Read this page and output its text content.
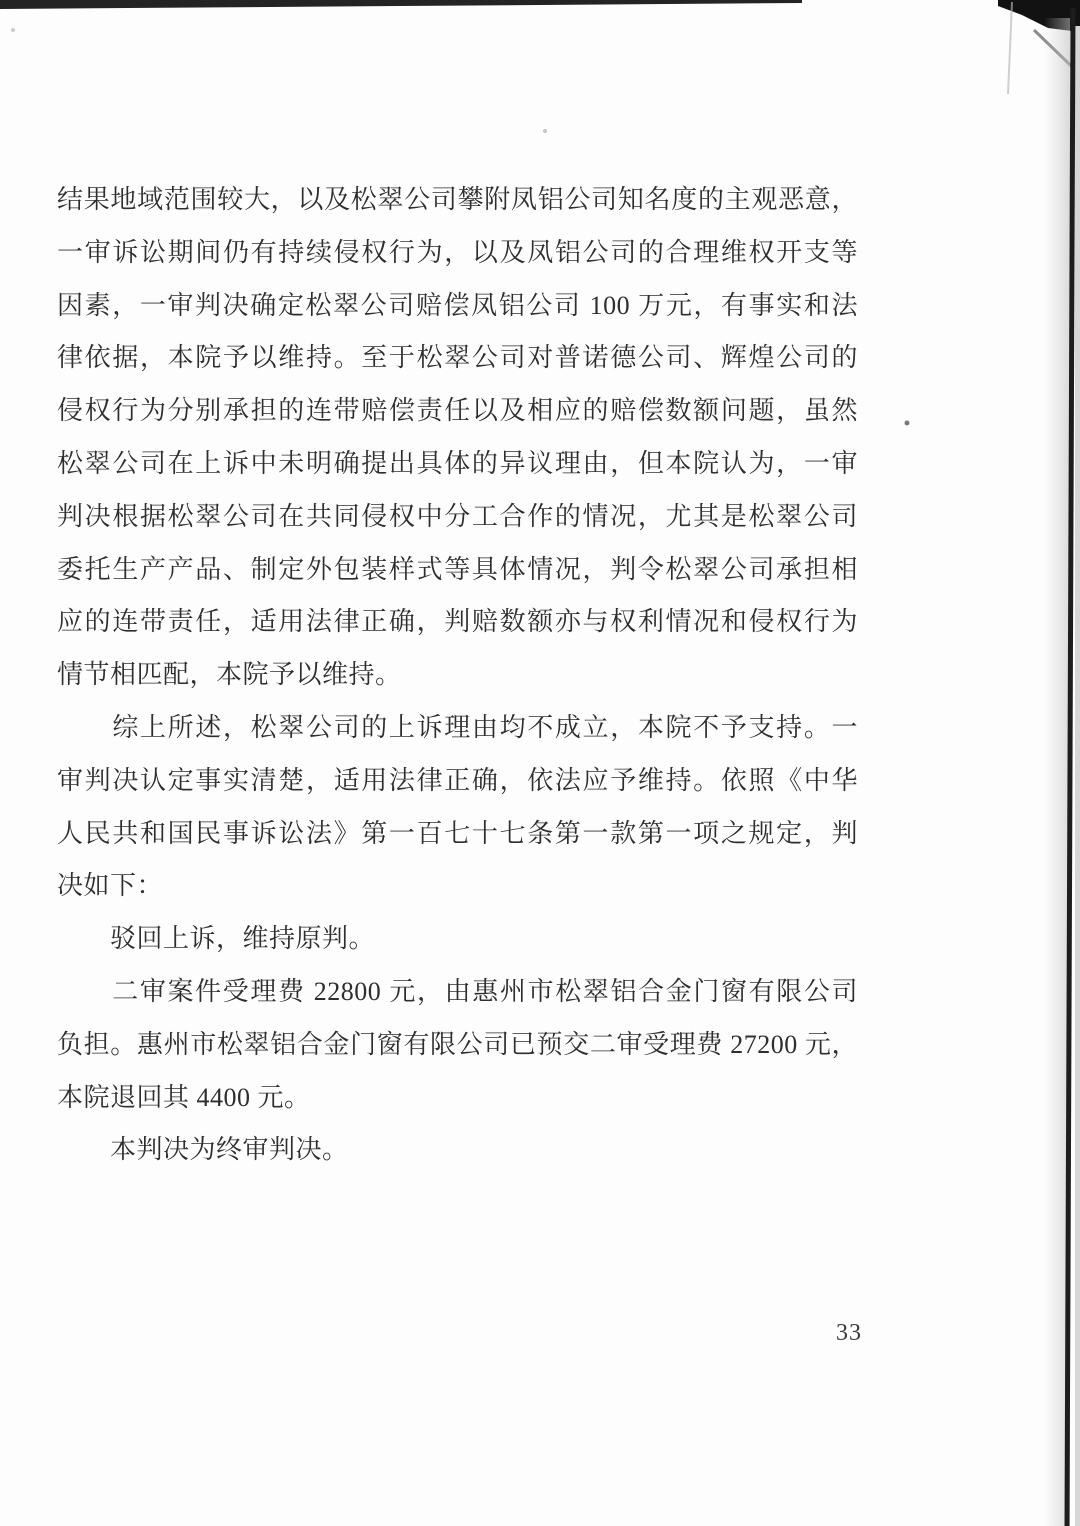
结果地域范围较大，以及松翠公司攀附凤铝公司知名度的主观恶意，
一审诉讼期间仍有持续侵权行为，以及凤铝公司的合理维权开支等
因素，一审判决确定松翠公司赔偿凤铝公司 100 万元，有事实和法
律依据，本院予以维持。至于松翠公司对普诺德公司、辉煌公司的
侵权行为分别承担的连带赔偿责任以及相应的赔偿数额问题，虽然
松翠公司在上诉中未明确提出具体的异议理由，但本院认为，一审
判决根据松翠公司在共同侵权中分工合作的情况，尤其是松翠公司
委托生产产品、制定外包装样式等具体情况，判令松翠公司承担相
应的连带责任，适用法律正确，判赔数额亦与权利情况和侵权行为
情节相匹配，本院予以维持。
　　综上所述，松翠公司的上诉理由均不成立，本院不予支持。一
审判决认定事实清楚，适用法律正确，依法应予维持。依照《中华
人民共和国民事诉讼法》第一百七十七条第一款第一项之规定，判
决如下：
　　驳回上诉，维持原判。
　　二审案件受理费 22800 元，由惠州市松翠铝合金门窗有限公司
负担。惠州市松翠铝合金门窗有限公司已预交二审受理费 27200 元，
本院退回其 4400 元。
　　本判决为终审判决。
33
